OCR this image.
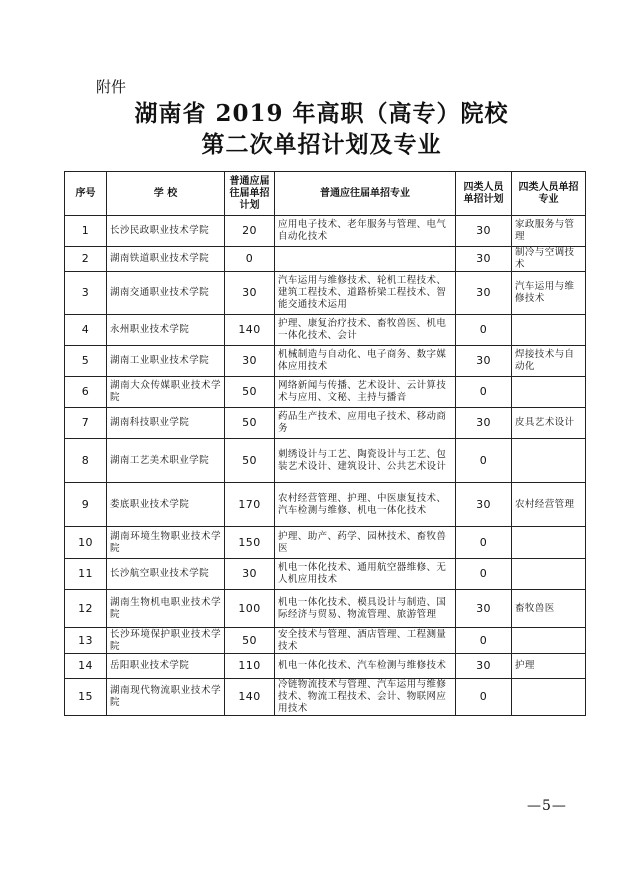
附件
湖南省 2019 年高职（高专）院校
第二次单招计划及专业
序号	学 校	普通应届往届单招计划	普通应往届单招专业	四类人员单招计划	四类人员单招专业
1	长沙民政职业技术学院	20	应用电子技术、老年服务与管理、电气自动化技术	30	家政服务与管理
2	湖南铁道职业技术学院	0		30	制冷与空调技术
3	湖南交通职业技术学院	30	汽车运用与维修技术、轮机工程技术、建筑工程技术、道路桥梁工程技术、智能交通技术运用	30	汽车运用与维修技术
4	永州职业技术学院	140	护理、康复治疗技术、畜牧兽医、机电一体化技术、会计	0	
5	湖南工业职业技术学院	30	机械制造与自动化、电子商务、数字媒体应用技术	30	焊接技术与自动化
6	湖南大众传媒职业技术学院	50	网络新闻与传播、艺术设计、云计算技术与应用、文秘、主持与播音	0	
7	湖南科技职业学院	50	药品生产技术、应用电子技术、移动商务	30	皮具艺术设计
8	湖南工艺美术职业学院	50	刺绣设计与工艺、陶瓷设计与工艺、包装艺术设计、建筑设计、公共艺术设计	0	
9	娄底职业技术学院	170	农村经营管理、护理、中医康复技术、汽车检测与维修、机电一体化技术	30	农村经营管理
10	湖南环境生物职业技术学院	150	护理、助产、药学、园林技术、畜牧兽医	0	
11	长沙航空职业技术学院	30	机电一体化技术、通用航空器维修、无人机应用技术	0	
12	湖南生物机电职业技术学院	100	机电一体化技术、模具设计与制造、国际经济与贸易、物流管理、旅游管理	30	畜牧兽医
13	长沙环境保护职业技术学院	50	安全技术与管理、酒店管理、工程测量技术	0	
14	岳阳职业技术学院	110	机电一体化技术、汽车检测与维修技术	30	护理
15	湖南现代物流职业技术学院	140	冷链物流技术与管理、汽车运用与维修技术、物流工程技术、会计、物联网应用技术	0	
—5—
